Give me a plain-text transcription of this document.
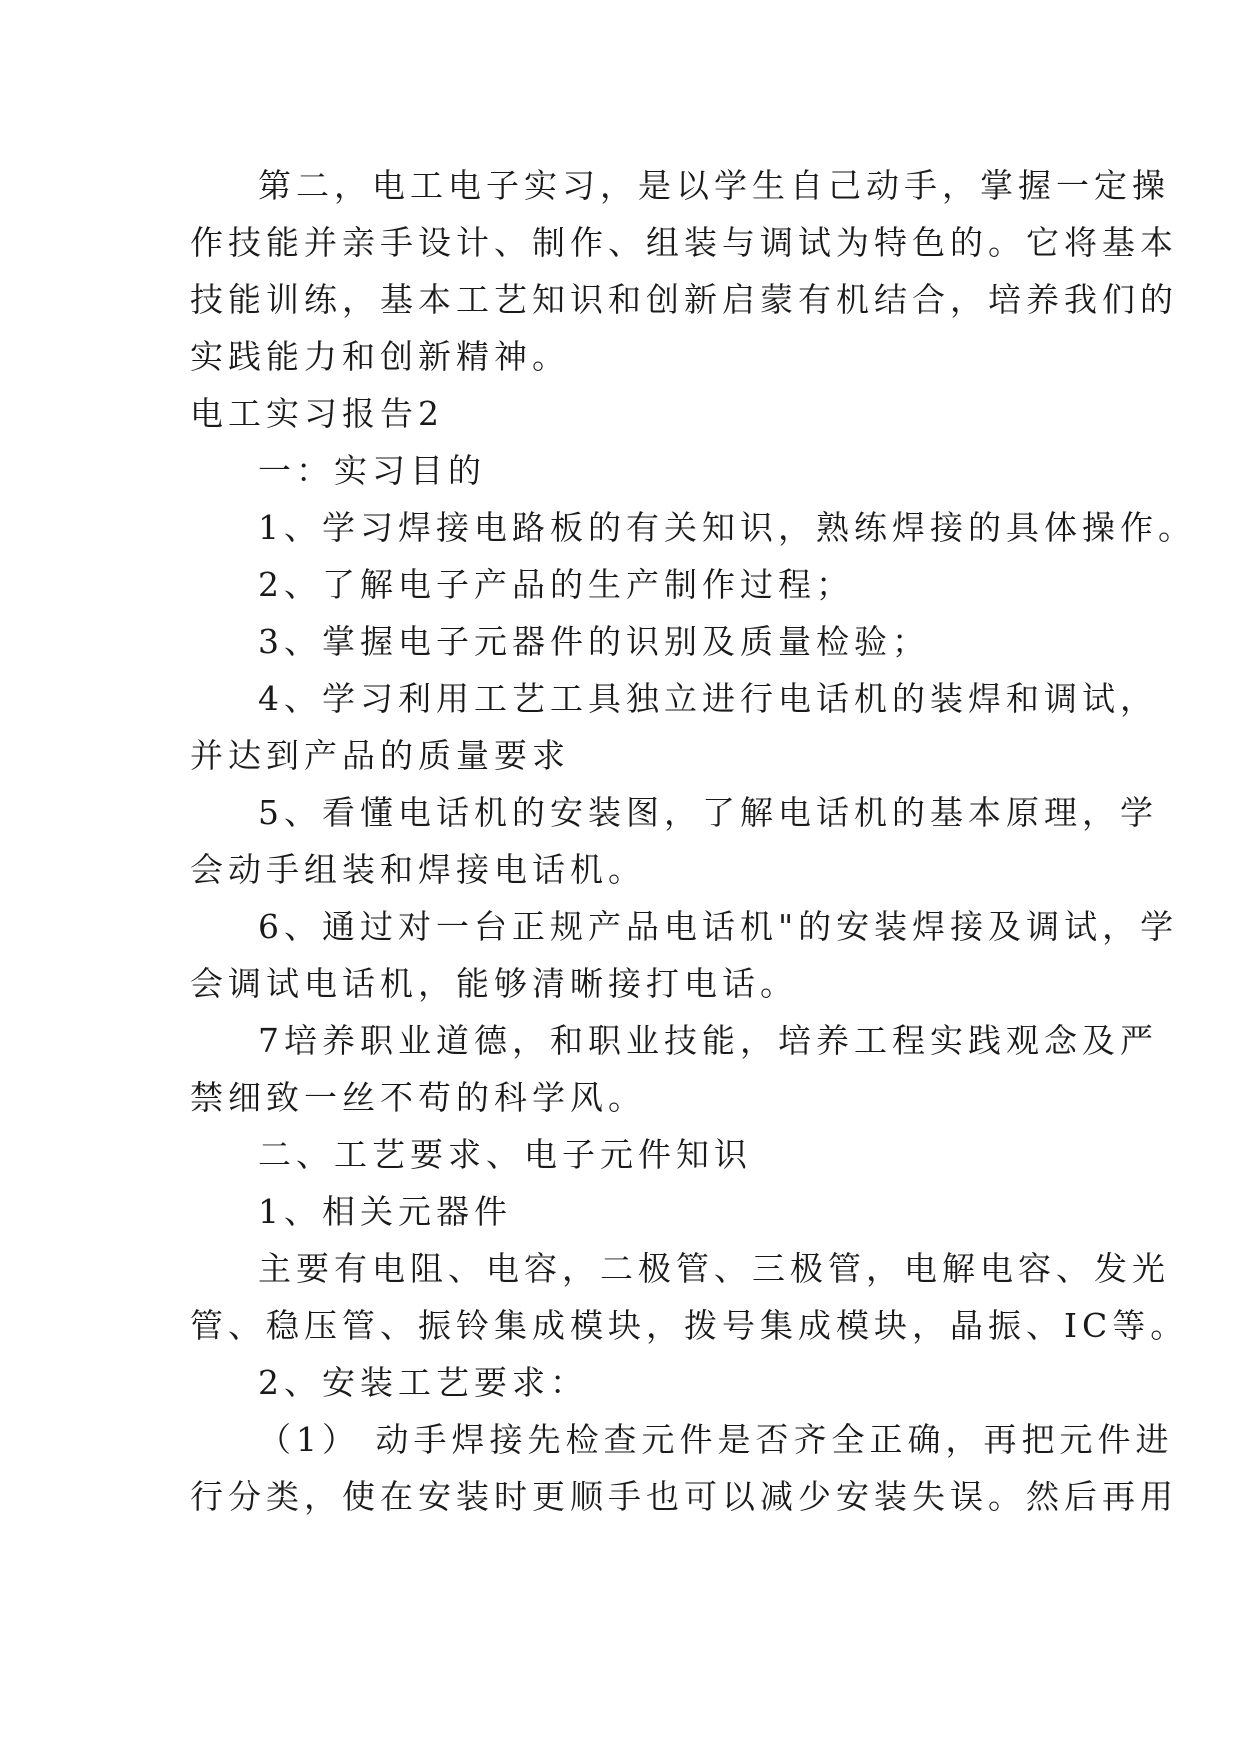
第二，电工电子实习，是以学生自己动手，掌握一定操
作技能并亲手设计、制作、组装与调试为特色的。它将基本
技能训练，基本工艺知识和创新启蒙有机结合，培养我们的
实践能力和创新精神。
电工实习报告2
一：实习目的
1、学习焊接电路板的有关知识，熟练焊接的具体操作。
2、了解电子产品的生产制作过程；
3、掌握电子元器件的识别及质量检验；
4、学习利用工艺工具独立进行电话机的装焊和调试，
并达到产品的质量要求
5、看懂电话机的安装图，了解电话机的基本原理，学
会动手组装和焊接电话机。
6、通过对一台正规产品电话机"的安装焊接及调试，学
会调试电话机，能够清晰接打电话。
7培养职业道德，和职业技能，培养工程实践观念及严
禁细致一丝不苟的科学风。
二、工艺要求、电子元件知识
1、相关元器件
主要有电阻、电容，二极管、三极管，电解电容、发光
管、稳压管、振铃集成模块，拨号集成模块，晶振、IC等。
2、安装工艺要求：
（1） 动手焊接先检查元件是否齐全正确，再把元件进
行分类，使在安装时更顺手也可以减少安装失误。然后再用
